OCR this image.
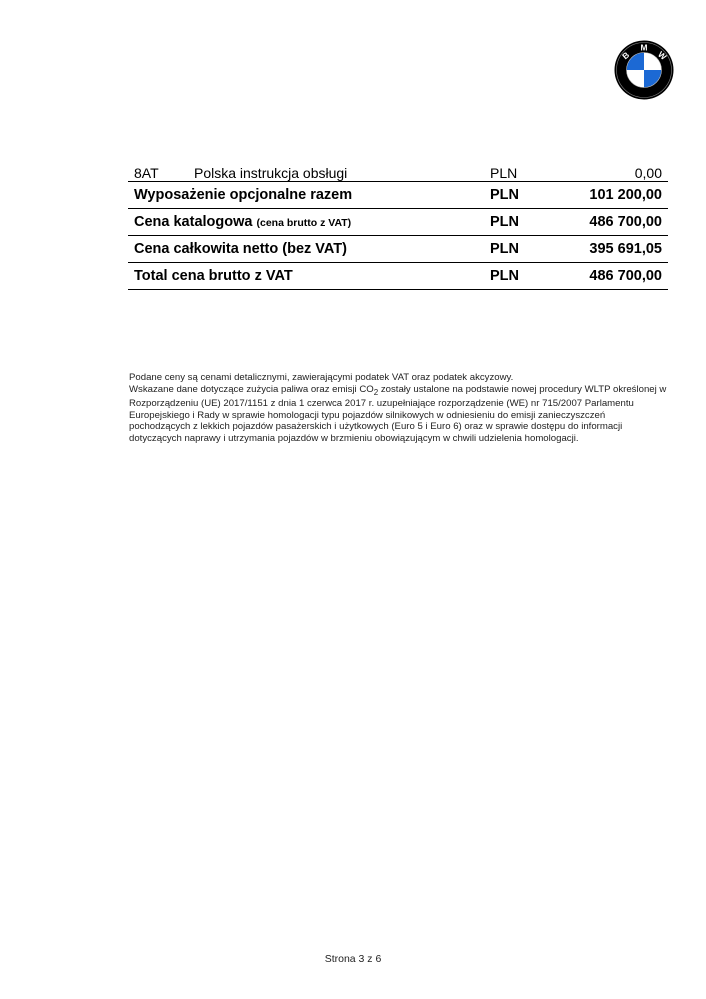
B
M
W
8AT	Polska instrukcja obsługi	PLN	0,00
Wyposażenie opcjonalne razem		PLN	101 200,00
Cena katalogowa (cena brutto z VAT)		PLN	486 700,00
Cena całkowita netto (bez VAT)		PLN	395 691,05
Total cena brutto z VAT		PLN	486 700,00

Podane ceny są cenami detalicznymi, zawierającymi podatek VAT oraz podatek akcyzowy.

Wskazane dane dotyczące zużycia paliwa oraz emisji $CO_2$ zostały ustalone na podstawie nowej procedury WLTP określonej w Rozporządzeniu (UE) 2017/1151 z dnia 1 czerwca 2017 r. uzupełniające rozporządzenie (WE) nr 715/2007 Parlamentu Europejskiego i Rady w sprawie homologacji typu pojazdów silnikowych w odniesieniu do emisji zanieczyszczeń pochodzących z lekkich pojazdów pasażerskich i użytkowych (Euro 5 i Euro 6) oraz w sprawie dostępu do informacji dotyczących naprawy i utrzymania pojazdów w brzmieniu obowiązującym w chwili udzielenia homologacji.

Strona 3 z 6
